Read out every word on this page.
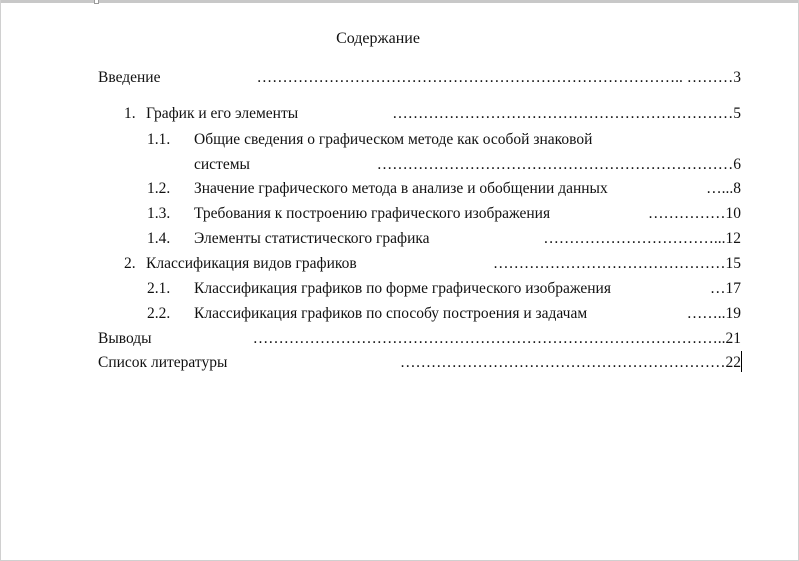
Содержание
Введение	……………………………………………………………………….. ………3
1. График и его элементы	…………………………………………………………5
1.1. Общие сведения о графическом методе как особой знаковой
системы	……………………………………………………………6
1.2. Значение графического метода в анализе и обобщении данных	…...8
1.3. Требования к построению графического изображения	……………10
1.4. Элементы статистического графика	……………………………...12
2. Классификация видов графиков	………………………………………15
2.1. Классификация графиков по форме графического изображения	…17
2.2. Классификация графиков по способу построения и задачам	……..19
Выводы	………………………………………………………………………………..21
Список литературы	………………………………………………………22
